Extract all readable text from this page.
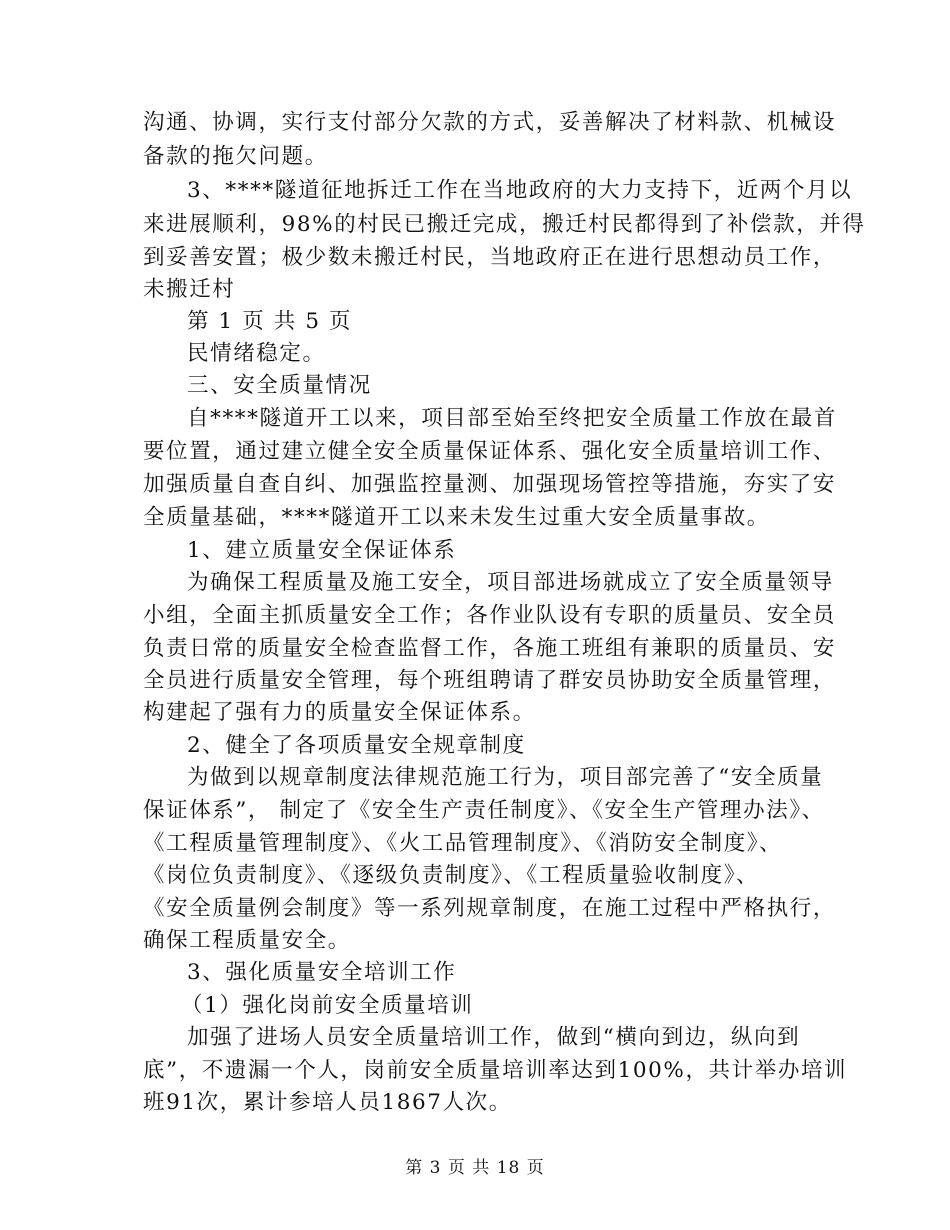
沟通、协调，实行支付部分欠款的方式，妥善解决了材料款、机械设
备款的拖欠问题。
3、****隧道征地拆迁工作在当地政府的大力支持下，近两个月以
来进展顺利，98%的村民已搬迁完成，搬迁村民都得到了补偿款，并得
到妥善安置；极少数未搬迁村民，当地政府正在进行思想动员工作，
未搬迁村
第 1 页 共 5 页
民情绪稳定。
三、安全质量情况
自****隧道开工以来，项目部至始至终把安全质量工作放在最首
要位置，通过建立健全安全质量保证体系、强化安全质量培训工作、
加强质量自查自纠、加强监控量测、加强现场管控等措施，夯实了安
全质量基础，****隧道开工以来未发生过重大安全质量事故。
1、建立质量安全保证体系
为确保工程质量及施工安全，项目部进场就成立了安全质量领导
小组，全面主抓质量安全工作；各作业队设有专职的质量员、安全员
负责日常的质量安全检查监督工作，各施工班组有兼职的质量员、安
全员进行质量安全管理，每个班组聘请了群安员协助安全质量管理，
构建起了强有力的质量安全保证体系。
2、健全了各项质量安全规章制度
为做到以规章制度法律规范施工行为，项目部完善了“安全质量
保证体系”， 制定了《安全生产责任制度》、《安全生产管理办法》、
《工程质量管理制度》、《火工品管理制度》、《消防安全制度》、
《岗位负责制度》、《逐级负责制度》、《工程质量验收制度》、
《安全质量例会制度》等一系列规章制度，在施工过程中严格执行，
确保工程质量安全。
3、强化质量安全培训工作
（1）强化岗前安全质量培训
加强了进场人员安全质量培训工作，做到“横向到边，纵向到
底”，不遗漏一个人，岗前安全质量培训率达到100%，共计举办培训
班91次，累计参培人员1867人次。
第 3 页 共 18 页
